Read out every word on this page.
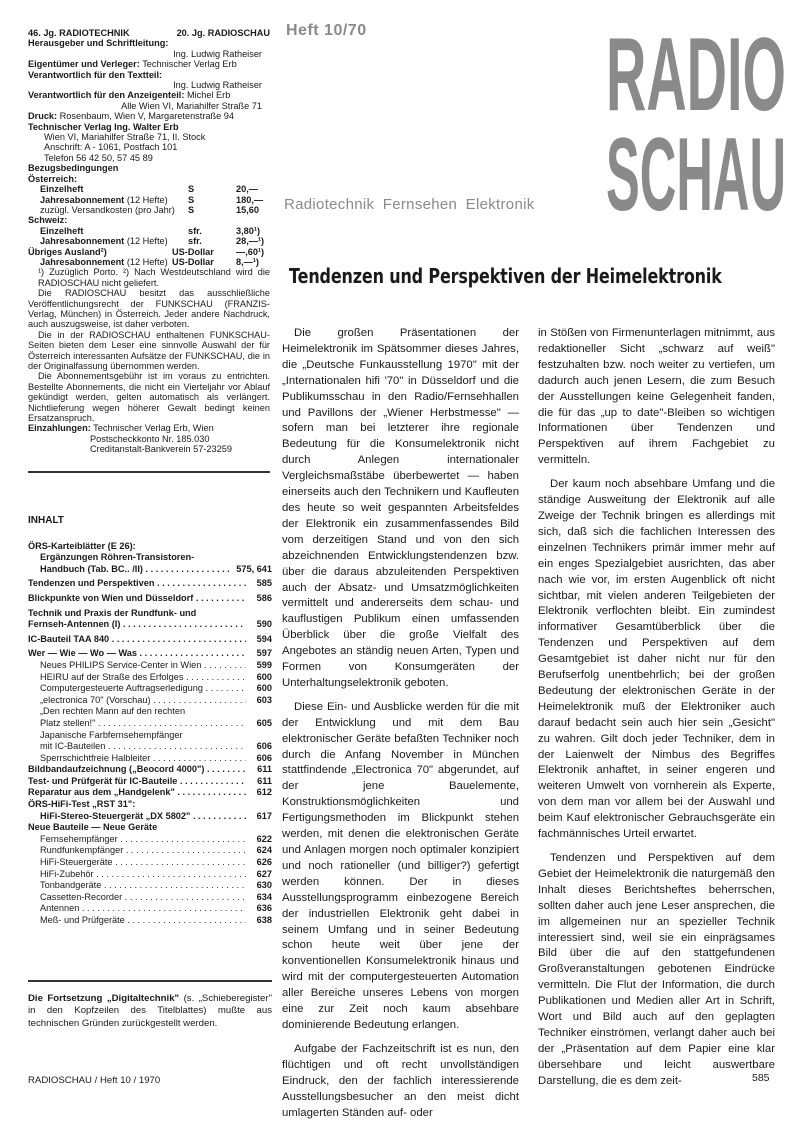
Heft 10/70 RADIO
SCHAU
Radiotechnik Fernsehen Elektronik
46. Jg. RADIOTECHNIK	20. Jg. RADIOSCHAU
Herausgeber und Schriftleitung:
Ing. Ludwig Ratheiser
Eigentümer und Verleger: Technischer Verlag Erb
Verantwortlich für den Textteil:
Ing. Ludwig Ratheiser
Verantwortlich für den Anzeigenteil: Michel Erb
Alle Wien VI, Mariahilfer Straße 71
Druck: Rosenbaum, Wien V, Margaretenstraße 94
Technischer Verlag Ing. Walter Erb
Wien VI, Mariahilfer Straße 71, II. Stock
Anschrift: A - 1061, Postfach 101
Telefon 56 42 50, 57 45 89
Bezugsbedingungen
Österreich:
Einzelheft	S	20,—
Jahresabonnement (12 Hefte)	S	180,—
zuzügl. Versandkosten (pro Jahr)	S	15,60
Schweiz:
Einzelheft	sfr.	3,80¹)
Jahresabonnement (12 Hefte)	sfr.	28,—¹)
Übriges Ausland²)	US-Dollar	—,60¹)
Jahresabonnement (12 Hefte) US-Dollar	8,—¹)
¹) Zuzüglich Porto. ²) Nach Westdeutschland wird die RADIOSCHAU nicht geliefert.

Die RADIOSCHAU besitzt das ausschließliche Veröffentlichungsrecht der FUNKSCHAU (FRANZIS-Verlag, München) in Österreich. Jeder andere Nachdruck, auch auszugsweise, ist daher verboten.

Die in der RADIOSCHAU enthaltenen FUNKSCHAU-Seiten bieten dem Leser eine sinnvolle Auswahl der für Österreich interessanten Aufsätze der FUNKSCHAU, die in der Originalfassung übernommen werden.

Die Abonnementsgebühr ist im voraus zu entrichten. Bestellte Abonnements, die nicht ein Vierteljahr vor Ablauf gekündigt werden, gelten automatisch als verlängert. Nichtlieferung wegen höherer Gewalt bedingt keinen Ersatzanspruch.

Einzahlungen: Technischer Verlag Erb, Wien
Postscheckkonto Nr. 185.030
Creditanstalt-Bankverein 57-23259
INHALT
ÖRS-Karteiblätter (E 26):
Ergänzungen Röhren-Transistoren-
Handbuch (Tab. BC.. /II) . . .	575, 641
Tendenzen und Perspektiven . . .	585
Blickpunkte von Wien und Düsseldorf . . .	586
Technik und Praxis der Rundfunk- und
Fernseh-Antennen (I) . . .	590
IC-Bauteil TAA 840 . . .	594
Wer — Wie — Wo — Was . . .	597
Neues PHILIPS Service-Center in Wien . . .	599
HEIRU auf der Straße des Erfolges . . .	600
Computergesteuerte Auftragserledigung . . .	600
„electronica 70" (Vorschau) . . .	603
„Den rechten Mann auf den rechten
Platz stellen!" . . .	605
Japanische Farbfernsehempfänger
mit IC-Bauteilen . . .	606
Sperrschichtfreie Halbleiter . . .	606
Bildbandaufzeichnung („Beocord 4000") . . .	611
Test- und Prüfgerät für IC-Bauteile . . .	611
Reparatur aus dem „Handgelenk" . . .	612
ÖRS-HiFi-Test „RST 31":
HiFi-Stereo-Steuergerät „DX 5802" . . .	617
Neue Bauteile — Neue Geräte
Fernsehempfänger . . .	622
Rundfunkempfänger . . .	624
HiFi-Steuergeräte . . .	626
HiFi-Zubehör . . .	627
Tonbandgeräte . . .	630
Cassetten-Recorder . . .	634
Antennen . . .	636
Meß- und Prüfgeräte . . .	638
Die Fortsetzung „Digitaltechnik" (s. „Schieberegister" in den Kopfzeilen des Titelblattes) mußte aus technischen Gründen zurückgestellt werden.
Tendenzen und Perspektiven der Heimelektronik

Die großen Präsentationen der Heimelektronik im Spätsommer dieses Jahres, die „Deutsche Funkausstellung 1970" mit der „Internationalen hifi '70" in Düsseldorf und die Publikumsschau in den Radio/Fernsehhallen und Pavillons der „Wiener Herbstmesse" — sofern man bei letzterer ihre regionale Bedeutung für die Konsumelektronik nicht durch Anlegen internationaler Vergleichsmaßstäbe überbewertet — haben einerseits auch den Technikern und Kaufleuten des heute so weit gespannten Arbeitsfeldes der Elektronik ein zusammenfassendes Bild vom derzeitigen Stand und von den sich abzeichnenden Entwicklungstendenzen bzw. über die daraus abzuleitenden Perspektiven auch der Absatz- und Umsatzmöglichkeiten vermittelt und andererseits dem schau- und kauflustigen Publikum einen umfassenden Überblick über die große Vielfalt des Angebotes an ständig neuen Arten, Typen und Formen von Konsumgeräten der Unterhaltungselektronik geboten.

Diese Ein- und Ausblicke werden für die mit der Entwicklung und mit dem Bau elektronischer Geräte befaßten Techniker noch durch die Anfang November in München stattfindende „Electronica 70" abgerundet, auf der jene Bauelemente, Konstruktionsmöglichkeiten und Fertigungsmethoden im Blickpunkt stehen werden, mit denen die elektronischen Geräte und Anlagen morgen noch optimaler konzipiert und noch rationeller (und billiger?) gefertigt werden können. Der in dieses Ausstellungsprogramm einbezogene Bereich der industriellen Elektronik geht dabei in seinem Umfang und in seiner Bedeutung schon heute weit über jene der konventionellen Konsumelektronik hinaus und wird mit der computergesteuerten Automation aller Bereiche unseres Lebens von morgen eine zur Zeit noch kaum absehbare dominierende Bedeutung erlangen.

Aufgabe der Fachzeitschrift ist es nun, den flüchtigen und oft recht unvollständigen Eindruck, den der fachlich interessierende Ausstellungsbesucher an den meist dicht umlagerten Ständen auf- oder

in Stößen von Firmenunterlagen mitnimmt, aus redaktioneller Sicht „schwarz auf weiß" festzuhalten bzw. noch weiter zu vertiefen, um dadurch auch jenen Lesern, die zum Besuch der Ausstellungen keine Gelegenheit fanden, die für das „up to date"-Bleiben so wichtigen Informationen über Tendenzen und Perspektiven auf ihrem Fachgebiet zu vermitteln.

Der kaum noch absehbare Umfang und die ständige Ausweitung der Elektronik auf alle Zweige der Technik bringen es allerdings mit sich, daß sich die fachlichen Interessen des einzelnen Technikers primär immer mehr auf ein enges Spezialgebiet ausrichten, das aber nach wie vor, im ersten Augenblick oft nicht sichtbar, mit vielen anderen Teilgebieten der Elektronik verflochten bleibt. Ein zumindest informativer Gesamtüberblick über die Tendenzen und Perspektiven auf dem Gesamtgebiet ist daher nicht nur für den Berufserfolg unentbehrlich; bei der großen Bedeutung der elektronischen Geräte in der Heimelektronik muß der Elektroniker auch darauf bedacht sein auch hier sein „Gesicht" zu wahren. Gilt doch jeder Techniker, dem in der Laienwelt der Nimbus des Begriffes Elektronik anhaftet, in seiner engeren und weiteren Umwelt von vornherein als Experte, von dem man vor allem bei der Auswahl und beim Kauf elektronischer Gebrauchsgeräte ein fachmännisches Urteil erwartet.

Tendenzen und Perspektiven auf dem Gebiet der Heimelektronik die naturgemäß den Inhalt dieses Berichtsheftes beherrschen, sollten daher auch jene Leser ansprechen, die im allgemeinen nur an spezieller Technik interessiert sind, weil sie ein einprägsames Bild über die auf den stattgefundenen Großveranstaltungen gebotenen Eindrücke vermitteln. Die Flut der Information, die durch Publikationen und Medien aller Art in Schrift, Wort und Bild auch auf den geplagten Techniker einströmen, verlangt daher auch bei der „Präsentation auf dem Papier eine klar übersehbare und leicht auswertbare Darstellung, die es dem zeit-

RADIOSCHAU / Heft 10 / 1970	585
